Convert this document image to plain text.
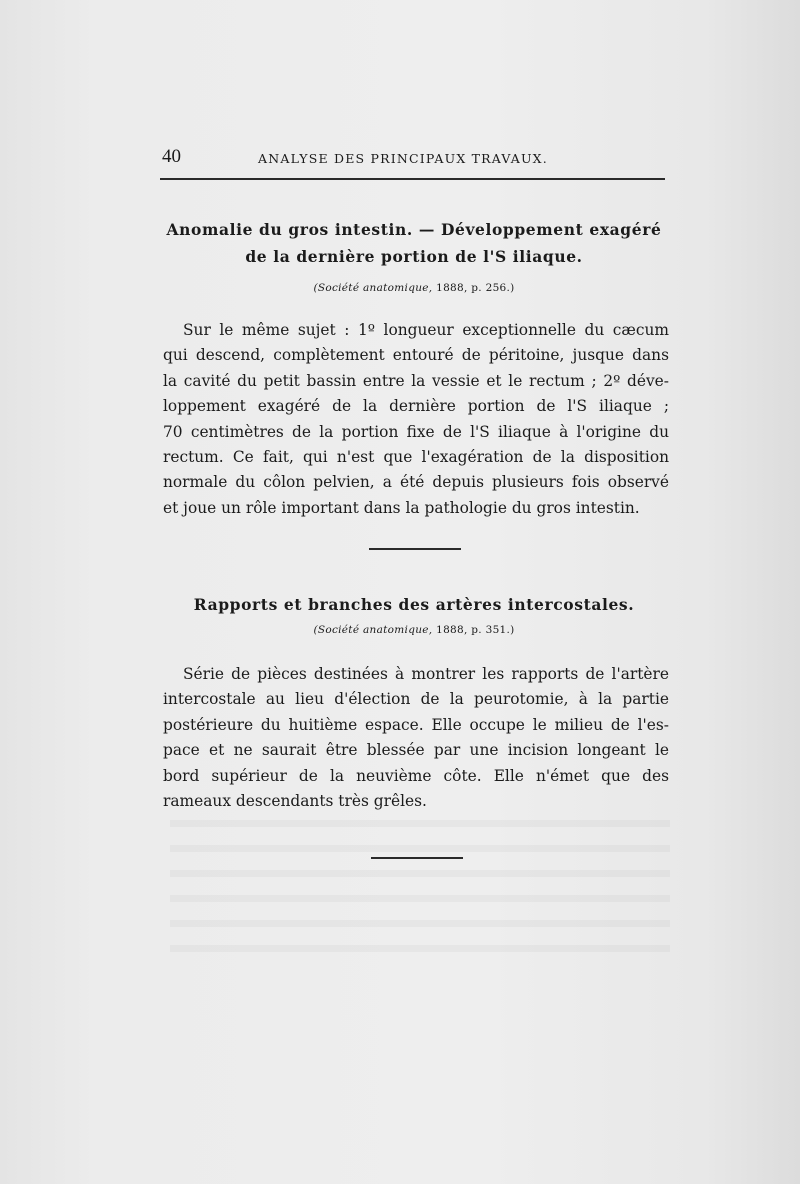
40	ANALYSE DES PRINCIPAUX TRAVAUX.
Anomalie du gros intestin. — Développement exagéré
de la dernière portion de l'S iliaque.
(Société anatomique, 1888, p. 256.)
Sur le même sujet : 1º longueur exceptionnelle du cæcum
qui descend, complètement entouré de péritoine, jusque dans
la cavité du petit bassin entre la vessie et le rectum ; 2º déve-
loppement exagéré de la dernière portion de l'S iliaque ;
70 centimètres de la portion fixe de l'S iliaque à l'origine du
rectum. Ce fait, qui n'est que l'exagération de la disposition
normale du côlon pelvien, a été depuis plusieurs fois observé
et joue un rôle important dans la pathologie du gros intestin.
Rapports et branches des artères intercostales.
(Société anatomique, 1888, p. 351.)
Série de pièces destinées à montrer les rapports de l'artère
intercostale au lieu d'élection de la peurotomie, à la partie
postérieure du huitième espace. Elle occupe le milieu de l'es-
pace et ne saurait être blessée par une incision longeant le
bord supérieur de la neuvième côte. Elle n'émet que des
rameaux descendants très grêles.
